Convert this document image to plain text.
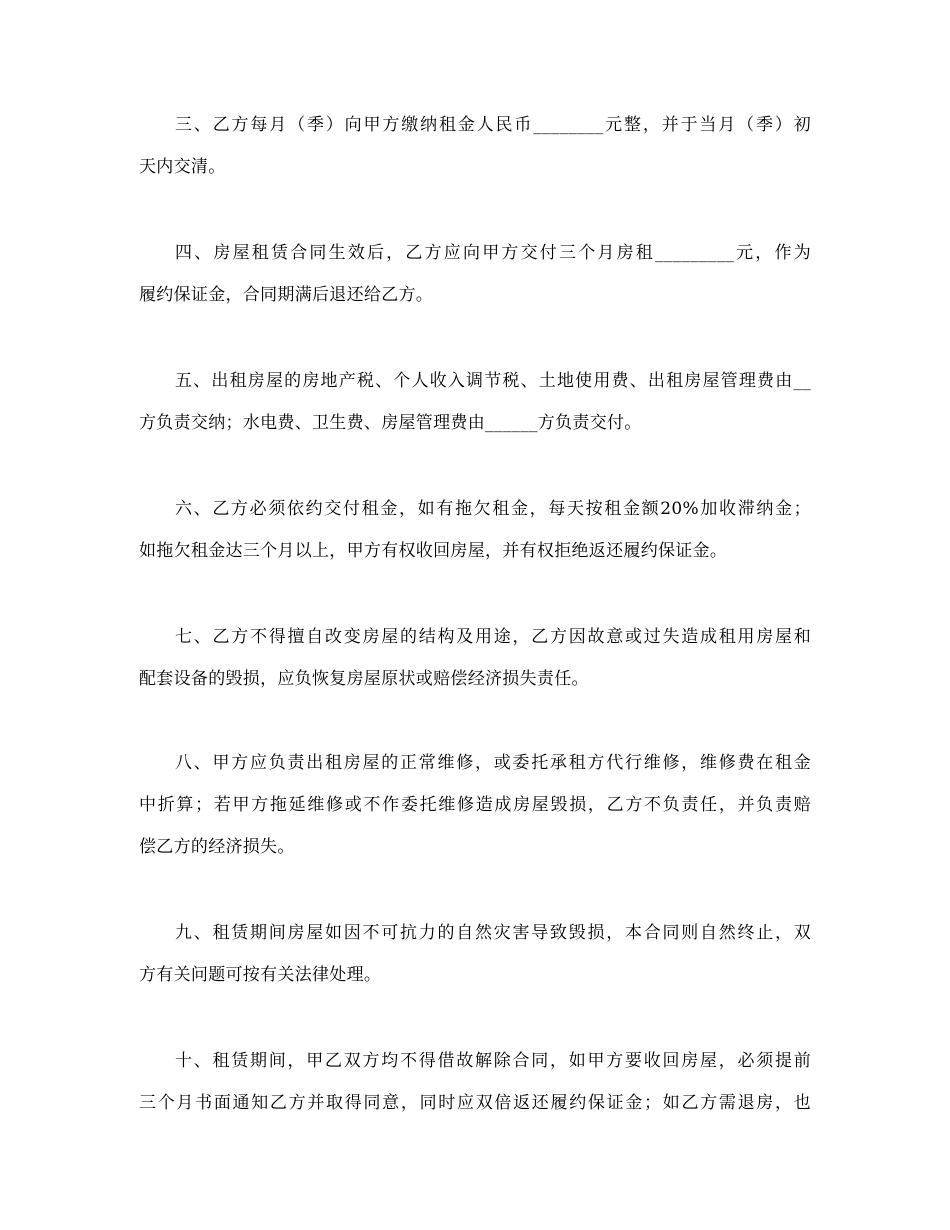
三、乙方每月（季）向甲方缴纳租金人民币________元整，并于当月（季）初
天内交清。
四、房屋租赁合同生效后，乙方应向甲方交付三个月房租_________元，作为
履约保证金，合同期满后退还给乙方。
五、出租房屋的房地产税、个人收入调节税、土地使用费、出租房屋管理费由__
方负责交纳；水电费、卫生费、房屋管理费由______方负责交付。
六、乙方必须依约交付租金，如有拖欠租金，每天按租金额20%加收滞纳金；
如拖欠租金达三个月以上，甲方有权收回房屋，并有权拒绝返还履约保证金。
七、乙方不得擅自改变房屋的结构及用途，乙方因故意或过失造成租用房屋和
配套设备的毁损，应负恢复房屋原状或赔偿经济损失责任。
八、甲方应负责出租房屋的正常维修，或委托承租方代行维修，维修费在租金
中折算；若甲方拖延维修或不作委托维修造成房屋毁损，乙方不负责任，并负责赔
偿乙方的经济损失。
九、租赁期间房屋如因不可抗力的自然灾害导致毁损，本合同则自然终止，双
方有关问题可按有关法律处理。
十、租赁期间，甲乙双方均不得借故解除合同，如甲方要收回房屋，必须提前
三个月书面通知乙方并取得同意，同时应双倍返还履约保证金；如乙方需退房，也
